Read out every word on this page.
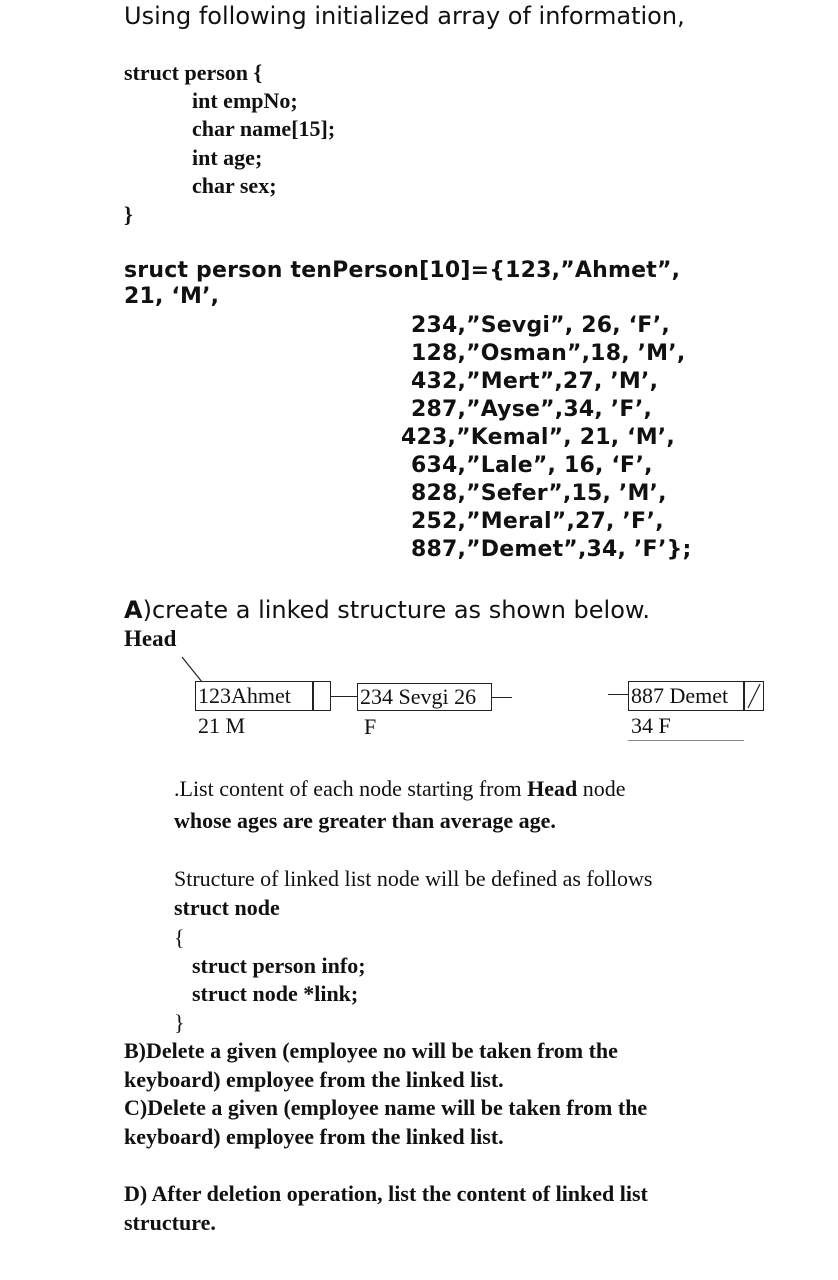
Using following initialized array of information,
struct person {
int empNo;
char name[15];
int age;
char sex;
}
sruct person tenPerson[10]={123,”Ahmet”,
21, ‘M’,
234,”Sevgi”, 26, ‘F’,
128,”Osman”,18, ’M’,
432,”Mert”,27, ’M’,
287,”Ayse”,34, ’F’,
423,”Kemal”, 21, ‘M’,
634,”Lale”, 16, ‘F’,
828,”Sefer”,15, ’M’,
252,”Meral”,27, ’F’,
887,”Demet”,34, ’F’};
A)create a linked structure as shown below.
Head
123Ahmet
21 M
234 Sevgi 26
F
887 Demet
34 F
.List content of each node starting from Head node
whose ages are greater than average age.
Structure of linked list node will be defined as follows
struct node
{
struct person info;
struct node *link;
}
B)Delete a given (employee no will be taken from the
keyboard) employee from the linked list.
C)Delete a given (employee name will be taken from the
keyboard) employee from the linked list.
D) After deletion operation, list the content of linked list
structure.
